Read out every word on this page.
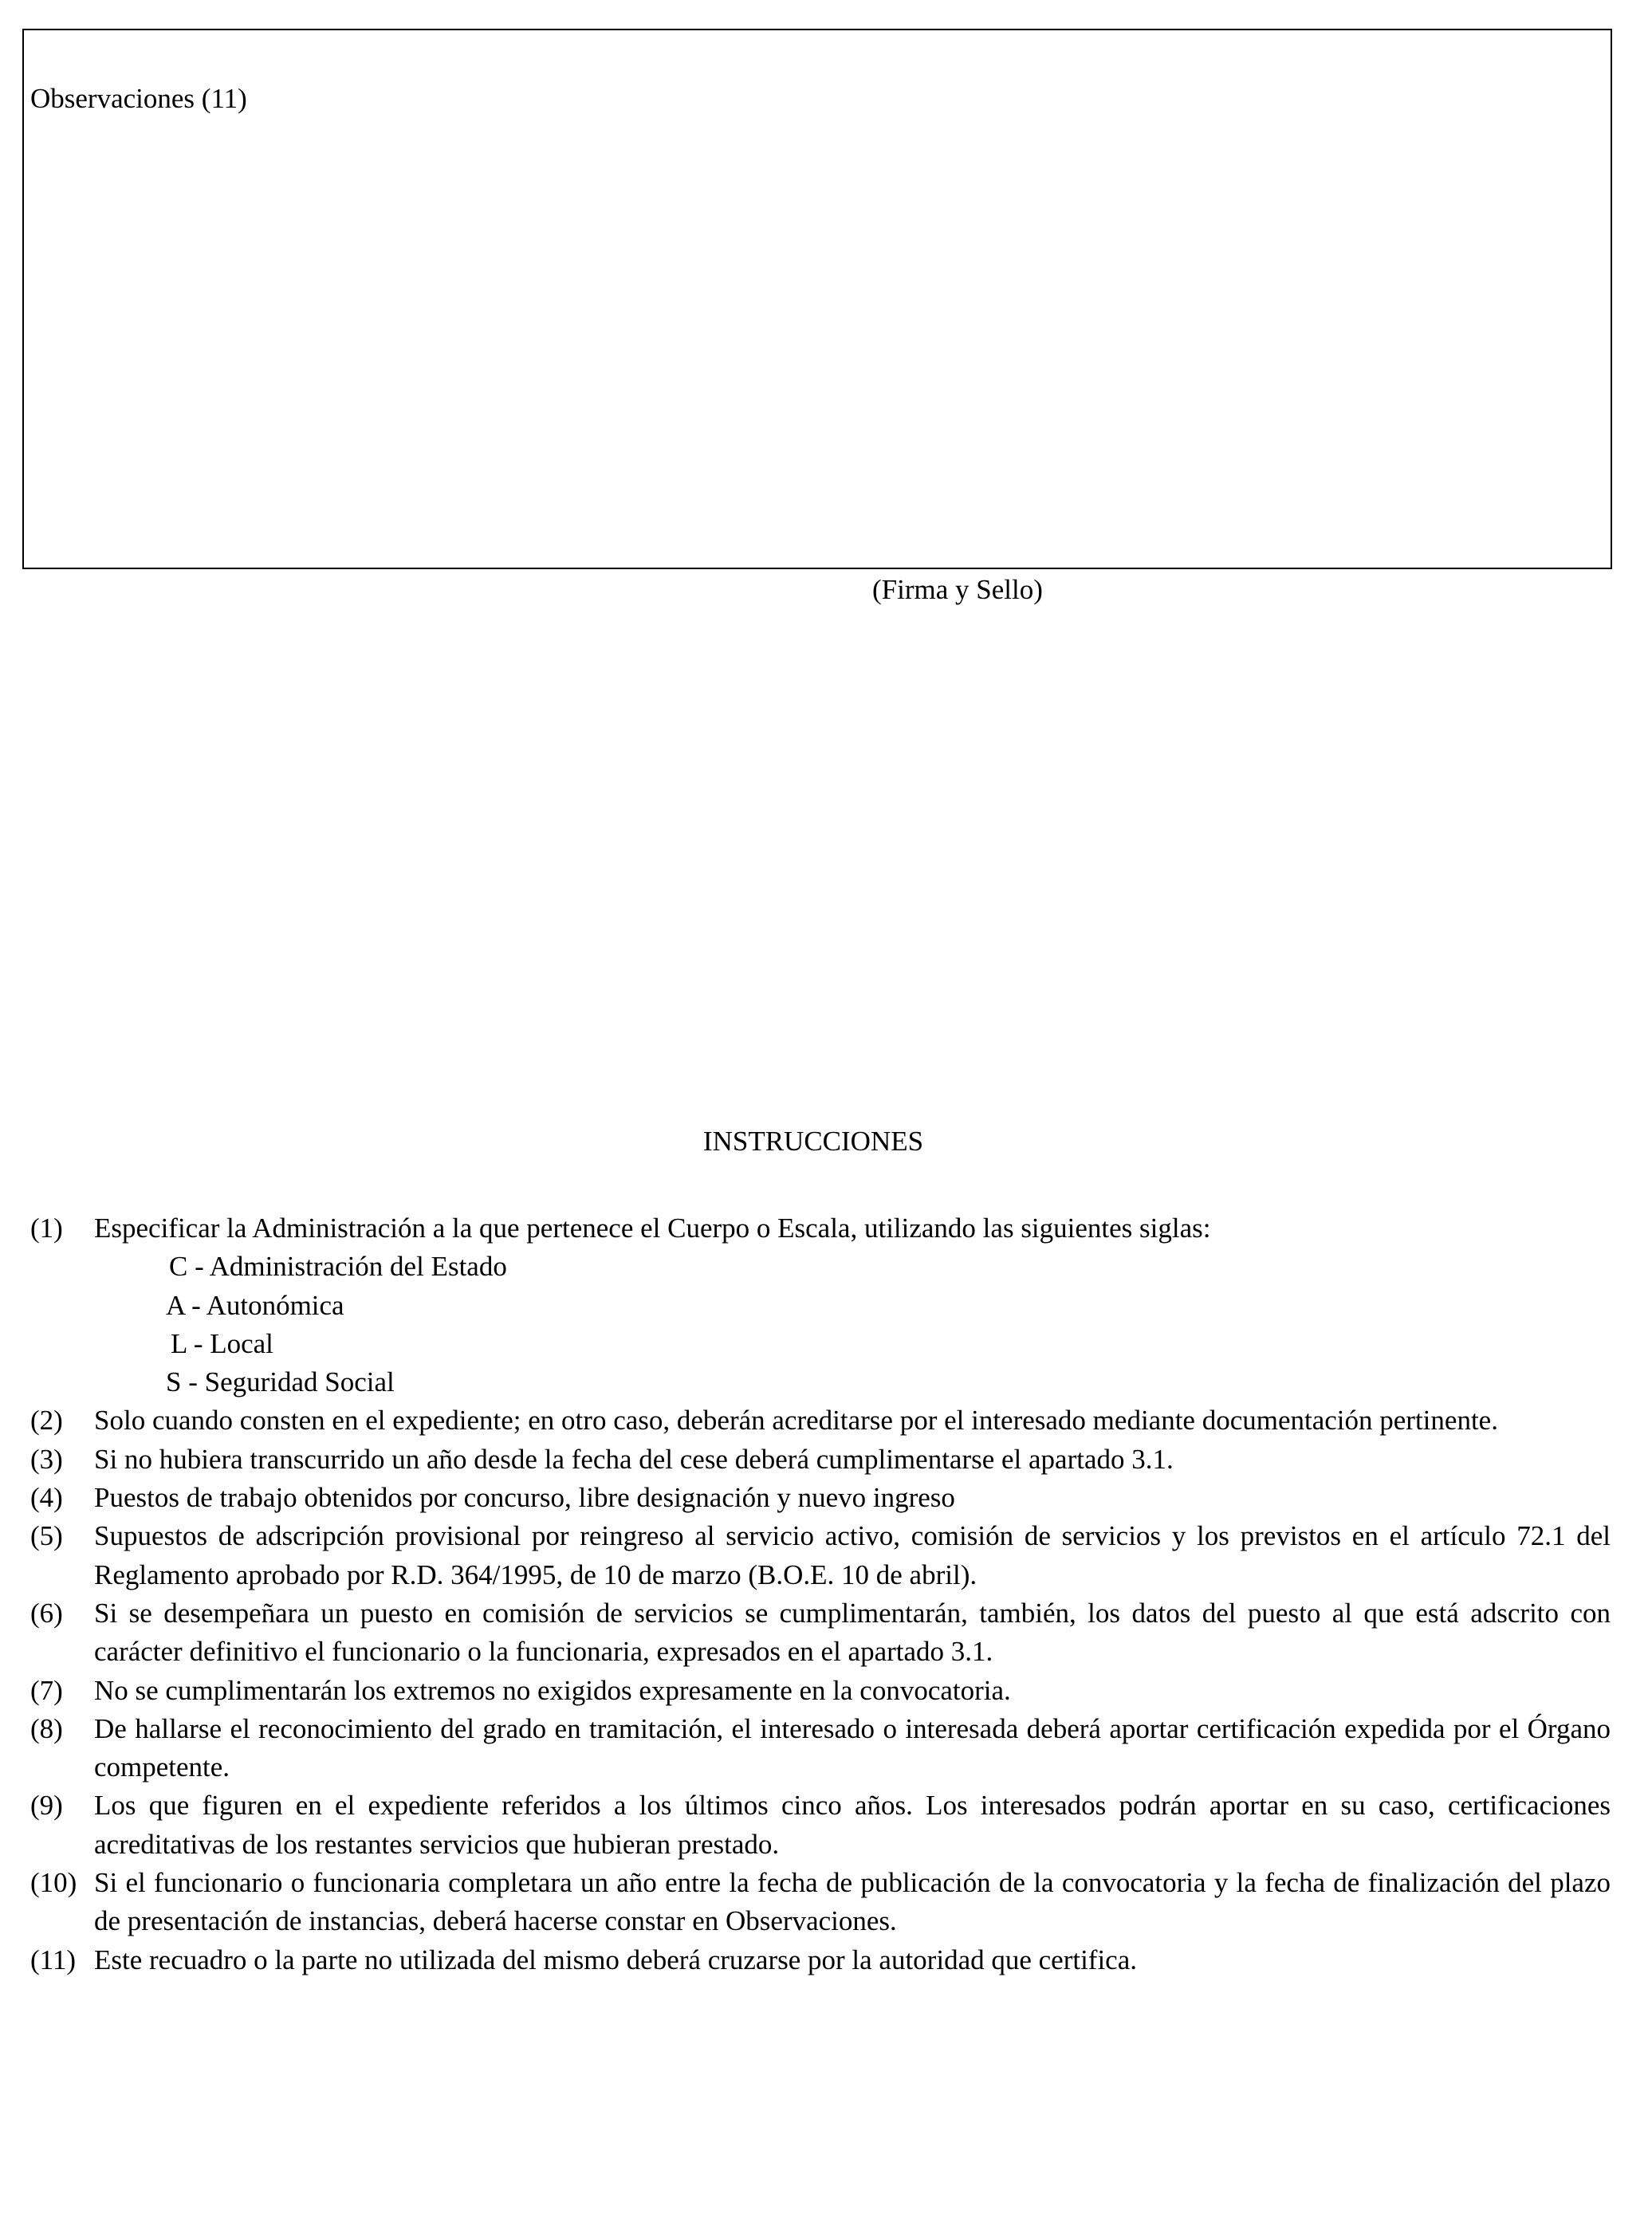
Observaciones (11)
(Firma y Sello)
INSTRUCCIONES
(1) Especificar la Administración a la que pertenece el Cuerpo o Escala, utilizando las siguientes siglas:
C - Administración del Estado
A - Autonómica
L - Local
S - Seguridad Social
(2) Solo cuando consten en el expediente; en otro caso, deberán acreditarse por el interesado mediante documentación pertinente.
(3) Si no hubiera transcurrido un año desde la fecha del cese deberá cumplimentarse el apartado 3.1.
(4) Puestos de trabajo obtenidos por concurso, libre designación y nuevo ingreso
(5) Supuestos de adscripción provisional por reingreso al servicio activo, comisión de servicios y los previstos en el artículo 72.1 del Reglamento aprobado por R.D. 364/1995, de 10 de marzo (B.O.E. 10 de abril).
(6) Si se desempeñara un puesto en comisión de servicios se cumplimentarán, también, los datos del puesto al que está adscrito con carácter definitivo el funcionario o la funcionaria, expresados en el apartado 3.1.
(7) No se cumplimentarán los extremos no exigidos expresamente en la convocatoria.
(8) De hallarse el reconocimiento del grado en tramitación, el interesado o interesada deberá aportar certificación expedida por el Órgano competente.
(9) Los que figuren en el expediente referidos a los últimos cinco años. Los interesados podrán aportar en su caso, certificaciones acreditativas de los restantes servicios que hubieran prestado.
(10) Si el funcionario o funcionaria completara un año entre la fecha de publicación de la convocatoria y la fecha de finalización del plazo de presentación de instancias, deberá hacerse constar en Observaciones.
(11) Este recuadro o la parte no utilizada del mismo deberá cruzarse por la autoridad que certifica.
